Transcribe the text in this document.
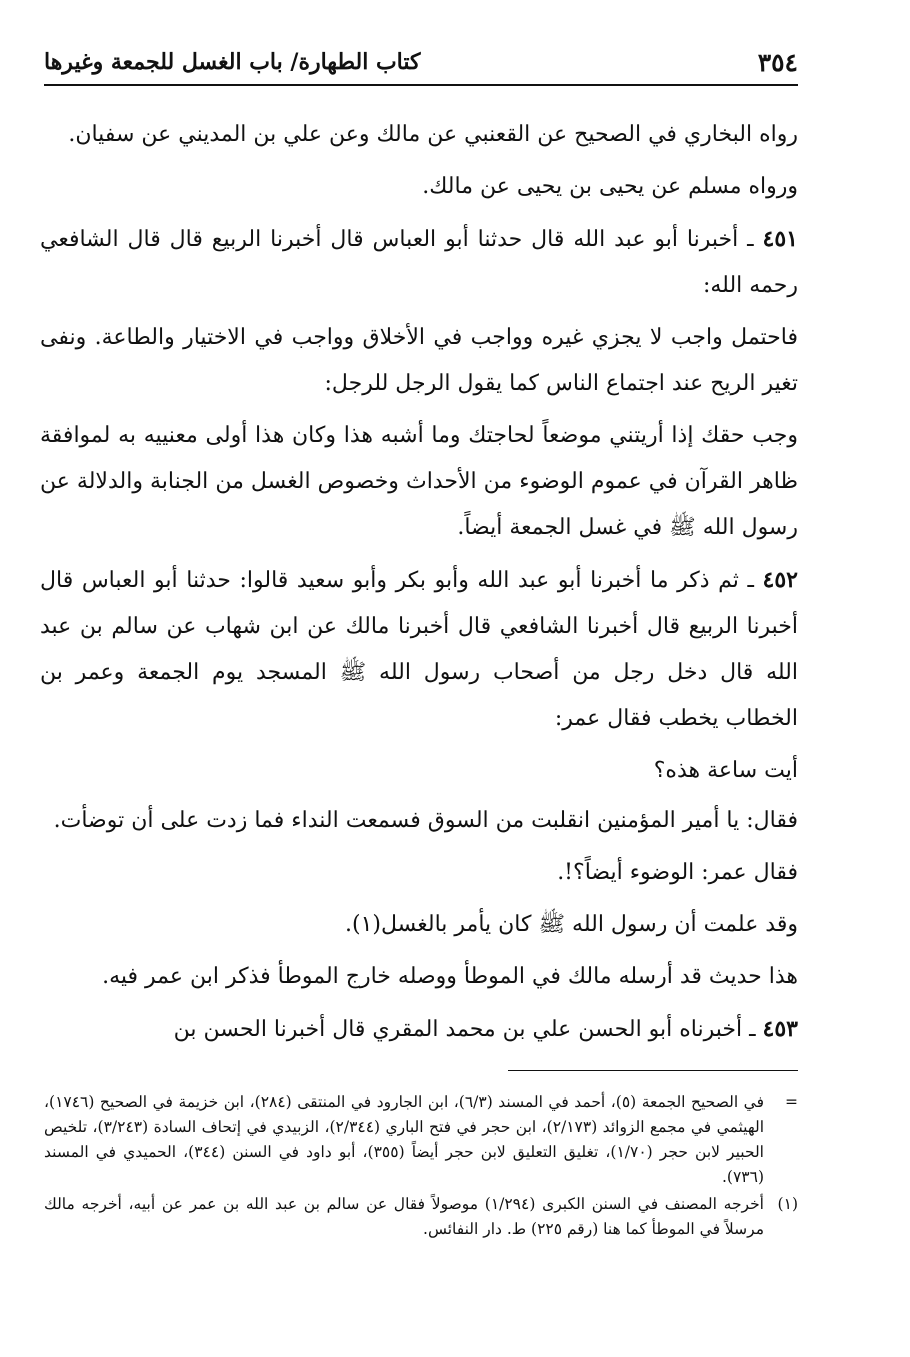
٣٥٤
كتاب الطهارة/ باب الغسل للجمعة وغيرها

رواه البخاري في الصحيح عن القعنبي عن مالك وعن علي بن المديني عن سفيان.

ورواه مسلم عن يحيى بن يحيى عن مالك.

٤٥١ ـ أخبرنا أبو عبد الله قال حدثنا أبو العباس قال أخبرنا الربيع قال قال الشافعي رحمه الله:

فاحتمل واجب لا يجزي غيره وواجب في الأخلاق وواجب في الاختيار والطاعة. ونفى تغير الريح عند اجتماع الناس كما يقول الرجل للرجل:

وجب حقك إذا أريتني موضعاً لحاجتك وما أشبه هذا وكان هذا أولى معنييه به لموافقة ظاهر القرآن في عموم الوضوء من الأحداث وخصوص الغسل من الجنابة والدلالة عن رسول الله ﷺ في غسل الجمعة أيضاً.

٤٥٢ ـ ثم ذكر ما أخبرنا أبو عبد الله وأبو بكر وأبو سعيد قالوا: حدثنا أبو العباس قال أخبرنا الربيع قال أخبرنا الشافعي قال أخبرنا مالك عن ابن شهاب عن سالم بن عبد الله قال دخل رجل من أصحاب رسول الله ﷺ المسجد يوم الجمعة وعمر بن الخطاب يخطب فقال عمر:

أيت ساعة هذه؟

فقال: يا أمير المؤمنين انقلبت من السوق فسمعت النداء فما زدت على أن توضأت.

فقال عمر: الوضوء أيضاً؟!.

وقد علمت أن رسول الله ﷺ كان يأمر بالغسل(١).

هذا حديث قد أرسله مالك في الموطأ ووصله خارج الموطأ فذكر ابن عمر فيه.

٤٥٣ ـ أخبرناه أبو الحسن علي بن محمد المقري قال أخبرنا الحسن بن

=
في الصحيح الجمعة (٥)، أحمد في المسند (٦/٣)، ابن الجارود في المنتقى (٢٨٤)، ابن خزيمة في الصحيح (١٧٤٦)، الهيثمي في مجمع الزوائد (٢/١٧٣)، ابن حجر في فتح الباري (٢/٣٤٤)، الزبيدي في إتحاف السادة (٣/٢٤٣)، تلخيص الحبير لابن حجر (١/٧٠)، تغليق التعليق لابن حجر أيضاً (٣٥٥)، أبو داود في السنن (٣٤٤)، الحميدي في المسند (٧٣٦).
(١)
أخرجه المصنف في السنن الكبرى (١/٢٩٤) موصولاً فقال عن سالم بن عبد الله بن عمر عن أبيه، أخرجه مالك مرسلاً في الموطأ كما هنا (رقم ٢٢٥) ط. دار النفائس.
